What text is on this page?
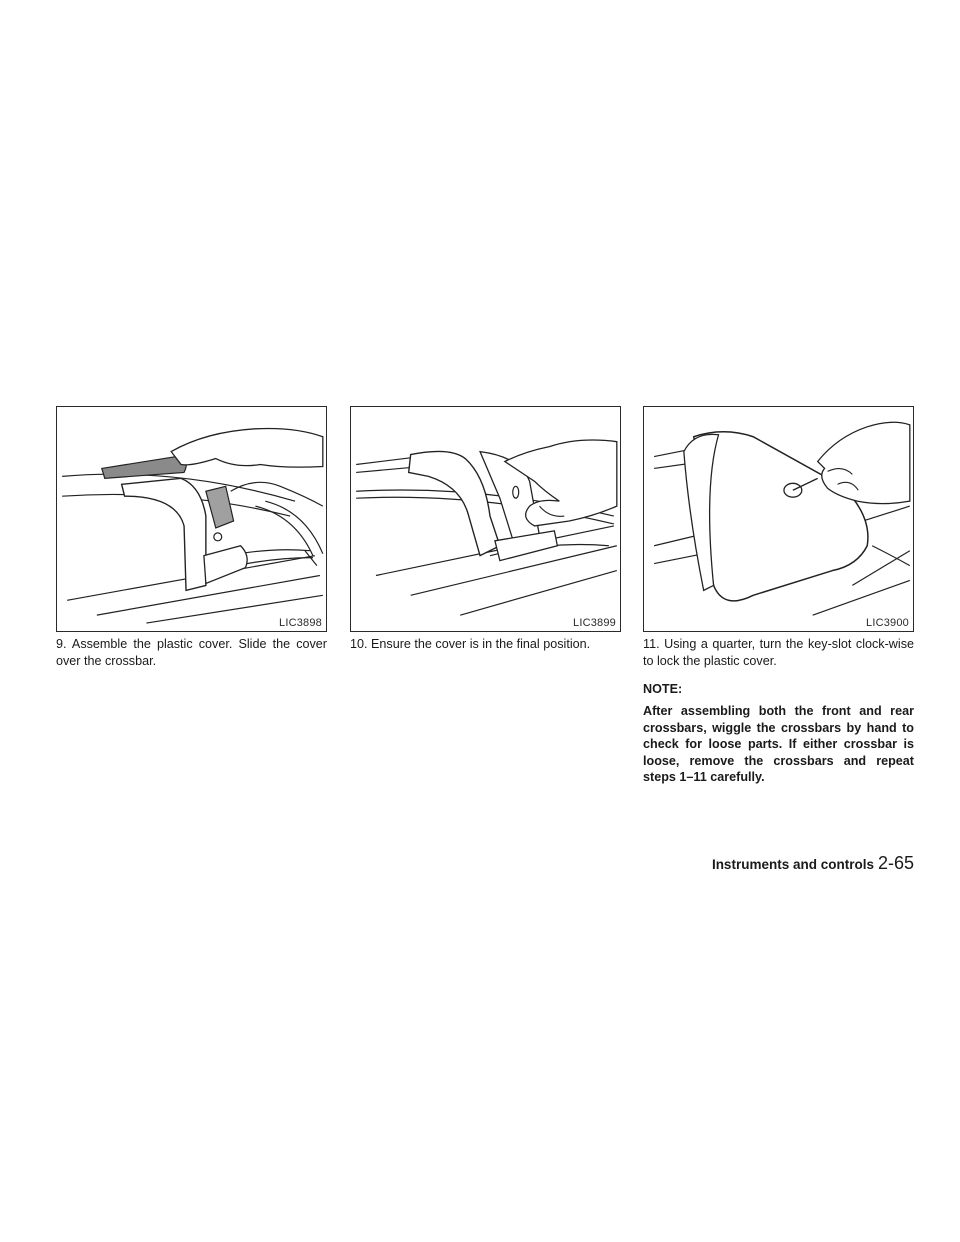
LIC3898	LIC3899	LIC3900
9. Assemble the plastic cover. Slide the cover over the crossbar.
10. Ensure the cover is in the final position.	11. Using a quarter, turn the key-slot clock-wise to lock the plastic cover.
NOTE:
After assembling both the front and rear crossbars, wiggle the crossbars by hand to check for loose parts. If either crossbar is loose, remove the crossbars and repeat steps 1–11 carefully.
Instruments and controls 2-65
